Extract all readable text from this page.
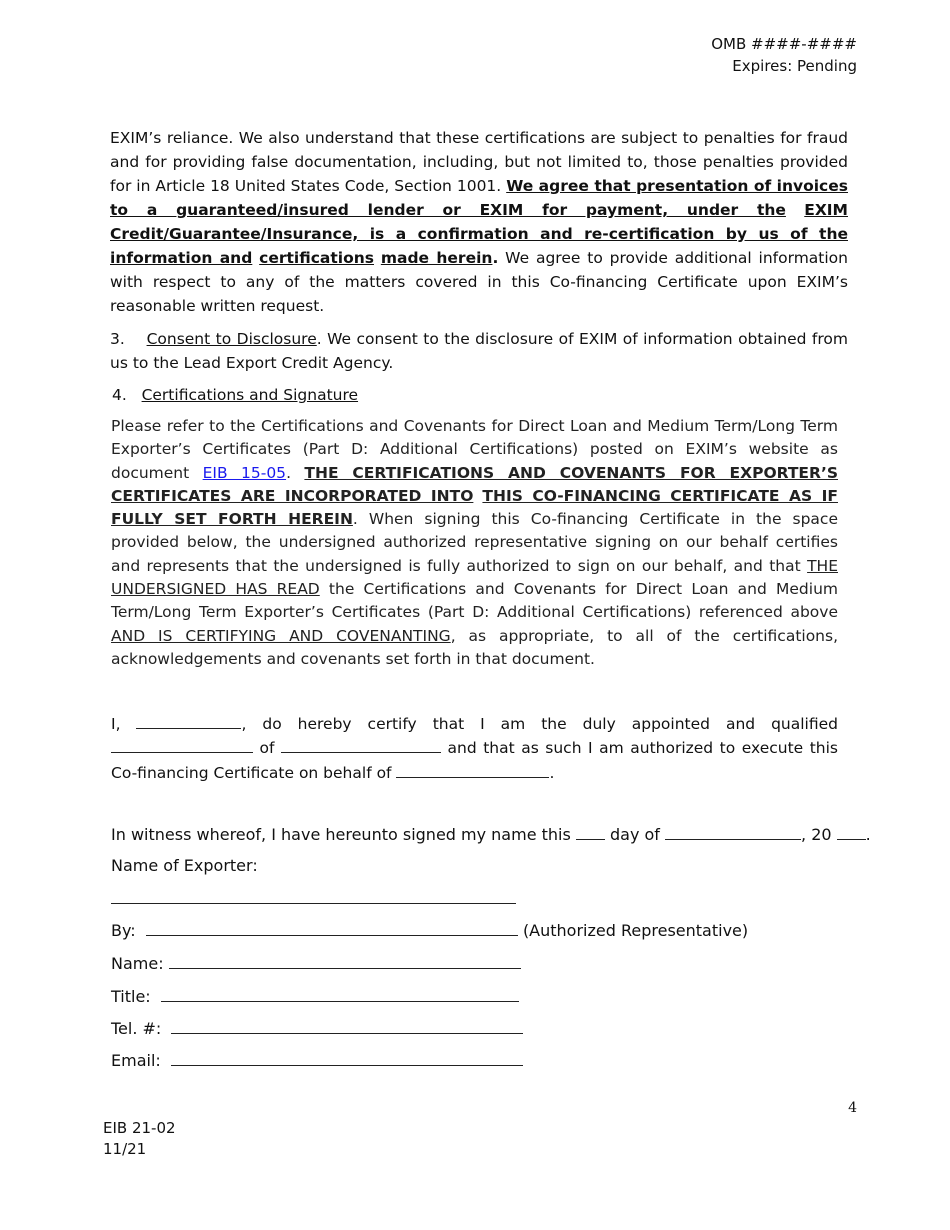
OMB ####-####
Expires: Pending

EXIM’s reliance. We also understand that these certifications are subject to penalties for fraud and for providing false documentation, including, but not limited to, those penalties provided for in Article 18 United States Code, Section 1001. We agree that presentation of invoices to a guaranteed/insured lender or EXIM for payment, under the EXIM Credit/Guarantee/Insurance, is a confirmation and re-certification by us of the information and certifications made herein. We agree to provide additional information with respect to any of the matters covered in this Co-financing Certificate upon EXIM’s reasonable written request.

3. Consent to Disclosure. We consent to the disclosure of EXIM of information obtained from us to the Lead Export Credit Agency.

4. Certifications and Signature

Please refer to the Certifications and Covenants for Direct Loan and Medium Term/Long Term Exporter’s Certificates (Part D: Additional Certifications) posted on EXIM’s website as document EIB 15-05. THE CERTIFICATIONS AND COVENANTS FOR EXPORTER’S CERTIFICATES ARE INCORPORATED INTO THIS CO-FINANCING CERTIFICATE AS IF FULLY SET FORTH HEREIN. When signing this Co-financing Certificate in the space provided below, the undersigned authorized representative signing on our behalf certifies and represents that the undersigned is fully authorized to sign on our behalf, and that THE UNDERSIGNED HAS READ the Certifications and Covenants for Direct Loan and Medium Term/Long Term Exporter’s Certificates (Part D: Additional Certifications) referenced above AND IS CERTIFYING AND COVENANTING, as appropriate, to all of the certifications, acknowledgements and covenants set forth in that document.

I,	, do hereby certify that I am the duly appointed and qualified  of	and that as such I am authorized to execute this Co-financing Certificate on behalf of	.

In witness whereof, I have hereunto signed my name this  day of	, 20 .
Name of Exporter:
By:	(Authorized Representative)
Name:
Title:
Tel. #:
Email:
4
EIB 21-02
11/21
